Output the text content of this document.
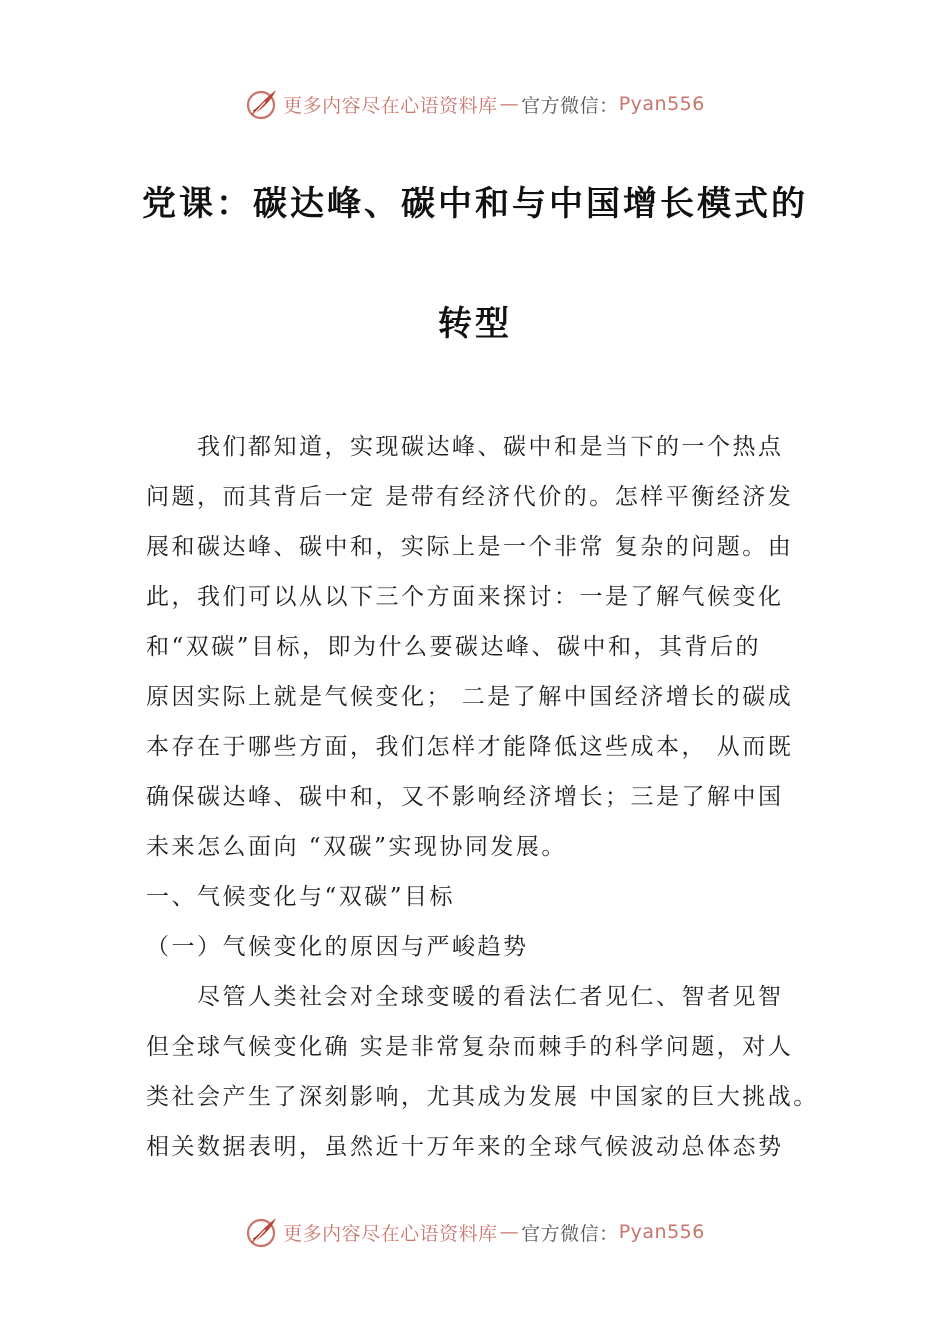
更多内容尽在心语资料库 — 官方微信： Pyan556
党课：碳达峰、碳中和与中国增长模式的
转型
　　我们都知道，实现碳达峰、碳中和是当下的一个热点
问题，而其背后一定 是带有经济代价的。怎样平衡经济发
展和碳达峰、碳中和，实际上是一个非常 复杂的问题。由
此，我们可以从以下三个方面来探讨：一是了解气候变化
和“双碳”目标，即为什么要碳达峰、碳中和，其背后的
原因实际上就是气候变化； 二是了解中国经济增长的碳成
本存在于哪些方面，我们怎样才能降低这些成本， 从而既
确保碳达峰、碳中和，又不影响经济增长；三是了解中国
未来怎么面向 “双碳”实现协同发展。
一、气候变化与“双碳”目标
（一）气候变化的原因与严峻趋势
　　尽管人类社会对全球变暖的看法仁者见仁、智者见智
但全球气候变化确 实是非常复杂而棘手的科学问题，对人
类社会产生了深刻影响，尤其成为发展 中国家的巨大挑战。
相关数据表明，虽然近十万年来的全球气候波动总体态势
更多内容尽在心语资料库 — 官方微信： Pyan556
